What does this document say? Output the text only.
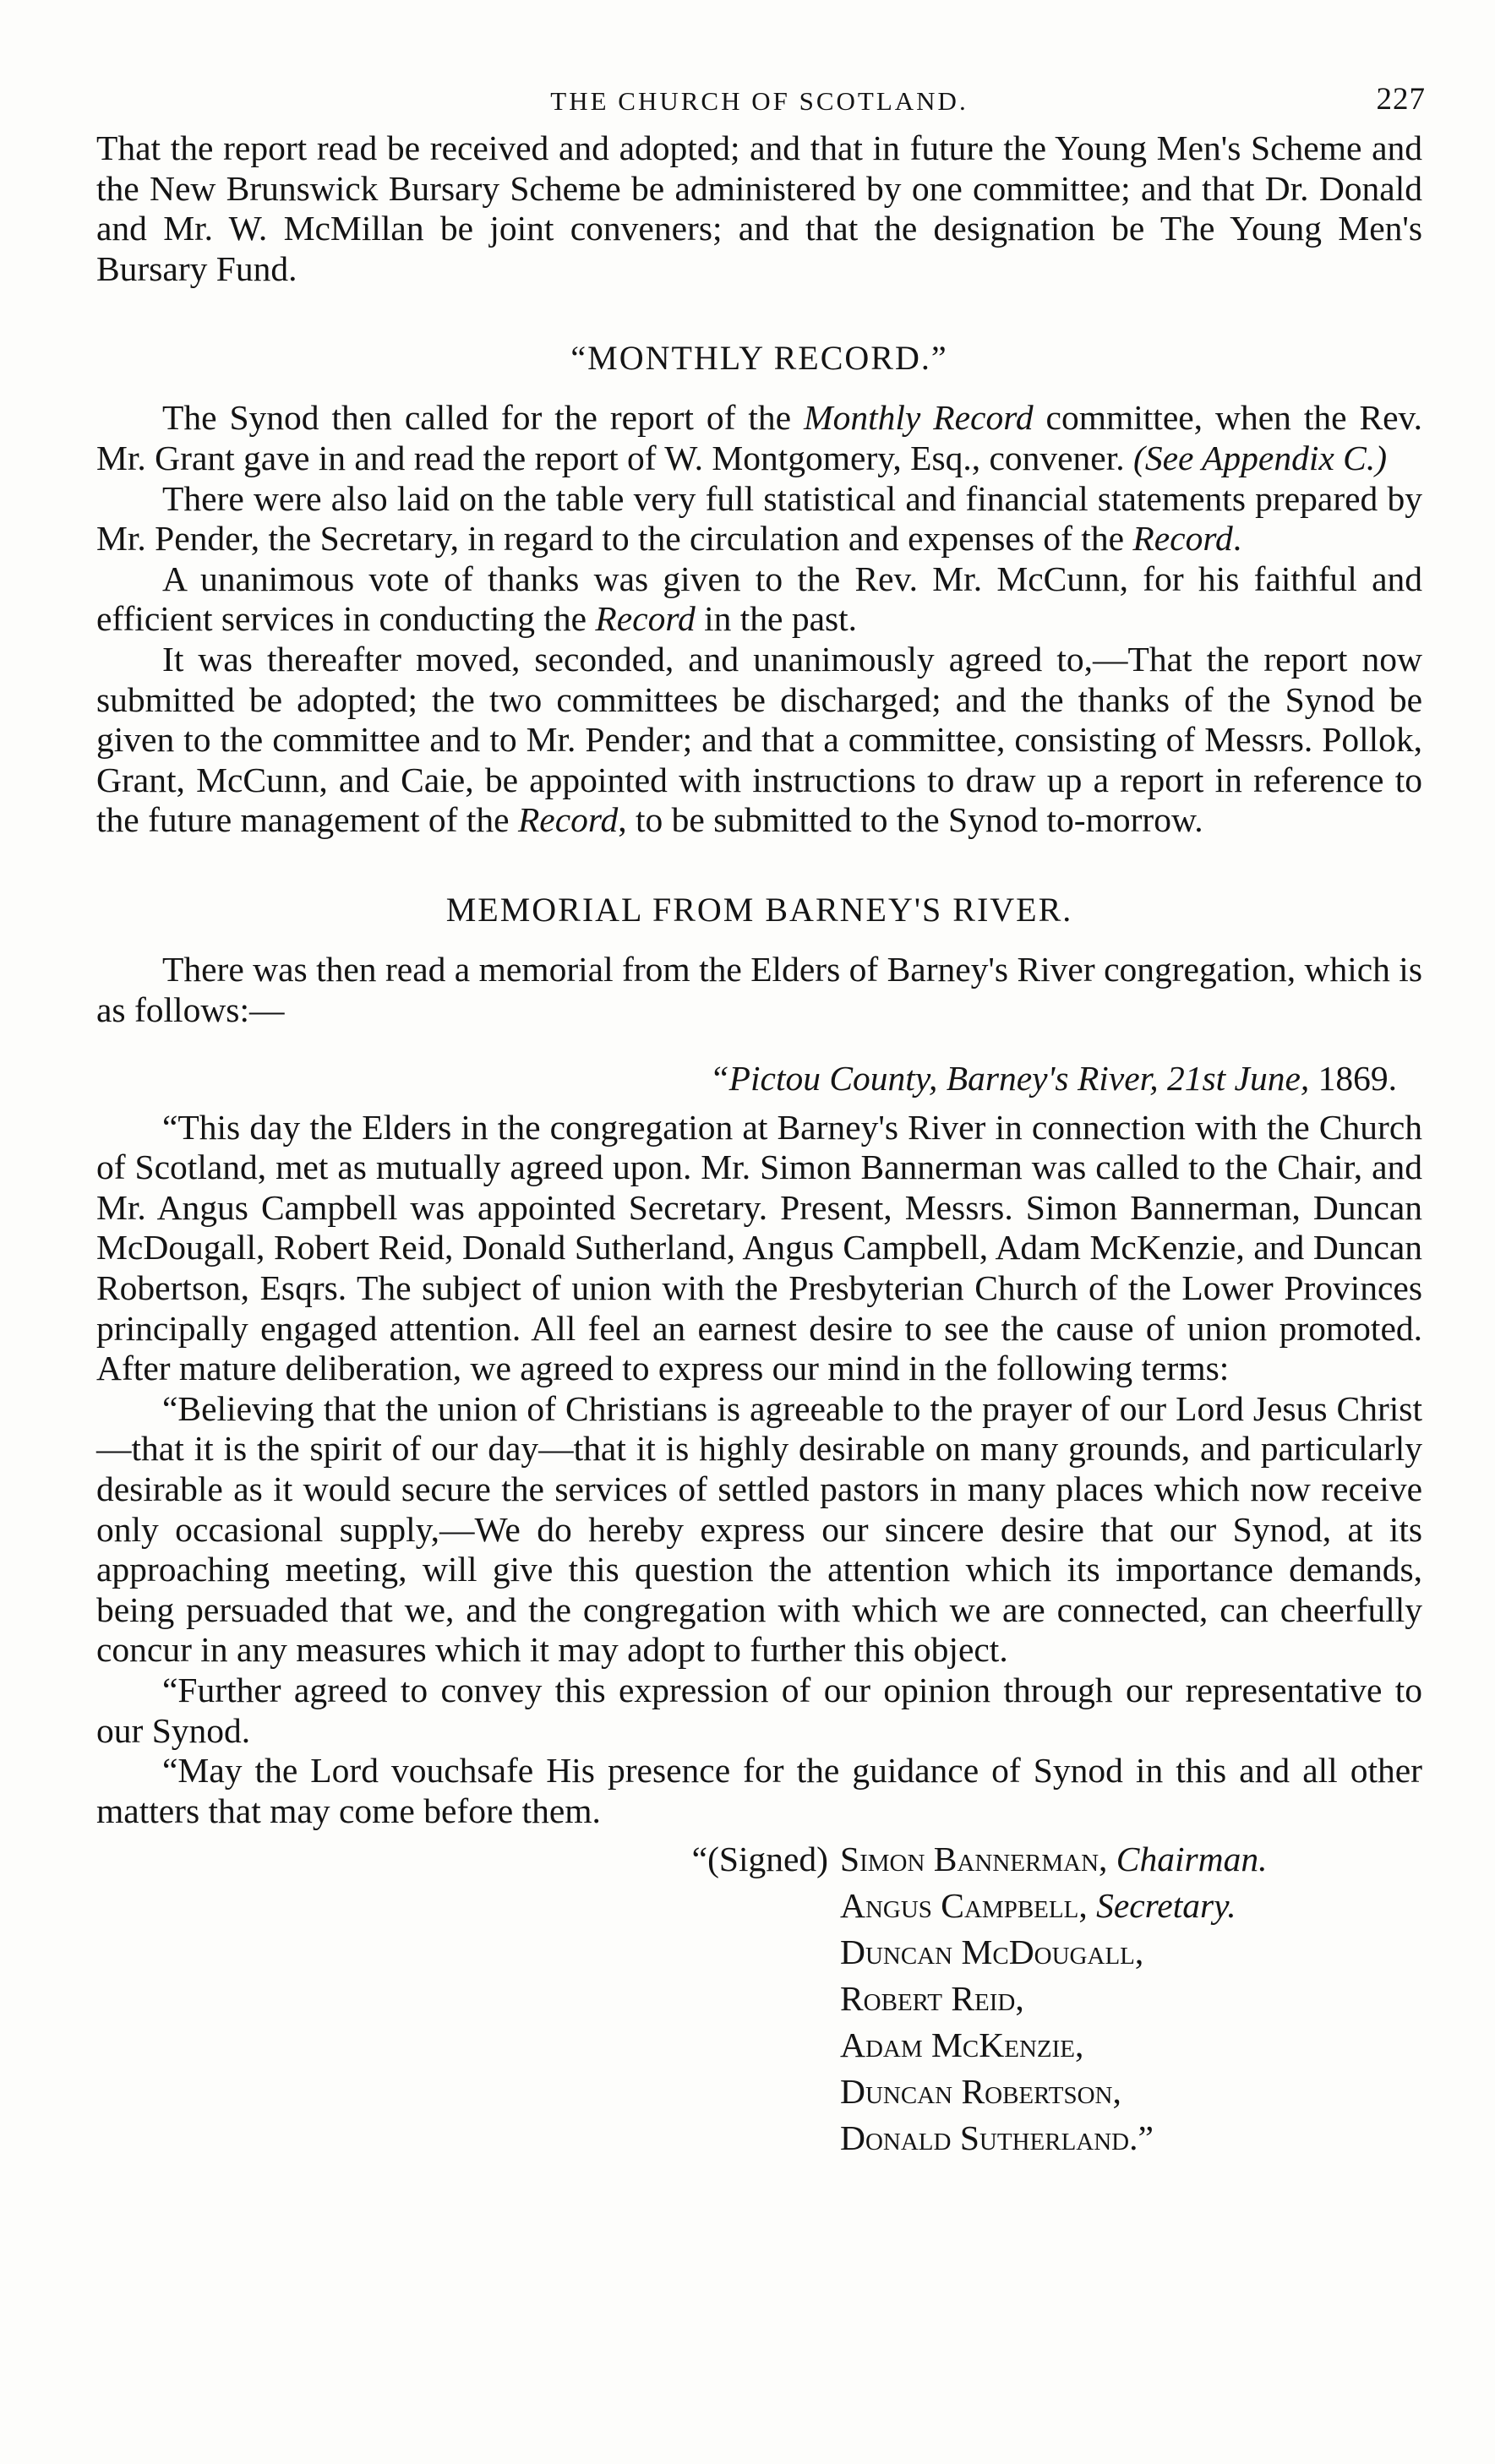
THE CHURCH OF SCOTLAND.	227

That the report read be received and adopted; and that in future the Young Men's Scheme and the New Brunswick Bursary Scheme be administered by one committee; and that Dr. Donald and Mr. W. McMillan be joint conveners; and that the designation be The Young Men's Bursary Fund.

“MONTHLY RECORD.”

The Synod then called for the report of the Monthly Record committee, when the Rev. Mr. Grant gave in and read the report of W. Montgomery, Esq., convener. (See Appendix C.)

There were also laid on the table very full statistical and financial statements prepared by Mr. Pender, the Secretary, in regard to the circulation and expenses of the Record.

A unanimous vote of thanks was given to the Rev. Mr. McCunn, for his faithful and efficient services in conducting the Record in the past.

It was thereafter moved, seconded, and unanimously agreed to,—That the report now submitted be adopted; the two committees be discharged; and the thanks of the Synod be given to the committee and to Mr. Pender; and that a committee, consisting of Messrs. Pollok, Grant, McCunn, and Caie, be appointed with instructions to draw up a report in reference to the future management of the Record, to be submitted to the Synod to-morrow.

MEMORIAL FROM BARNEY'S RIVER.

There was then read a memorial from the Elders of Barney's River congregation, which is as follows:—

“Pictou County, Barney's River, 21st June, 1869.

“This day the Elders in the congregation at Barney's River in connection with the Church of Scotland, met as mutually agreed upon. Mr. Simon Bannerman was called to the Chair, and Mr. Angus Campbell was appointed Secretary. Present, Messrs. Simon Bannerman, Duncan McDougall, Robert Reid, Donald Sutherland, Angus Campbell, Adam McKenzie, and Duncan Robertson, Esqrs. The subject of union with the Presbyterian Church of the Lower Provinces principally engaged attention. All feel an earnest desire to see the cause of union promoted. After mature deliberation, we agreed to express our mind in the following terms:

“Believing that the union of Christians is agreeable to the prayer of our Lord Jesus Christ—that it is the spirit of our day—that it is highly desirable on many grounds, and particularly desirable as it would secure the services of settled pastors in many places which now receive only occasional supply,—We do hereby express our sincere desire that our Synod, at its approaching meeting, will give this question the attention which its importance demands, being persuaded that we, and the congregation with which we are connected, can cheerfully concur in any measures which it may adopt to further this object.

“Further agreed to convey this expression of our opinion through our representative to our Synod.

“May the Lord vouchsafe His presence for the guidance of Synod in this and all other matters that may come before them.

“(Signed) Simon Bannerman, Chairman.
Angus Campbell, Secretary.
Duncan McDougall,
Robert Reid,
Adam McKenzie,
Duncan Robertson,
Donald Sutherland.”
